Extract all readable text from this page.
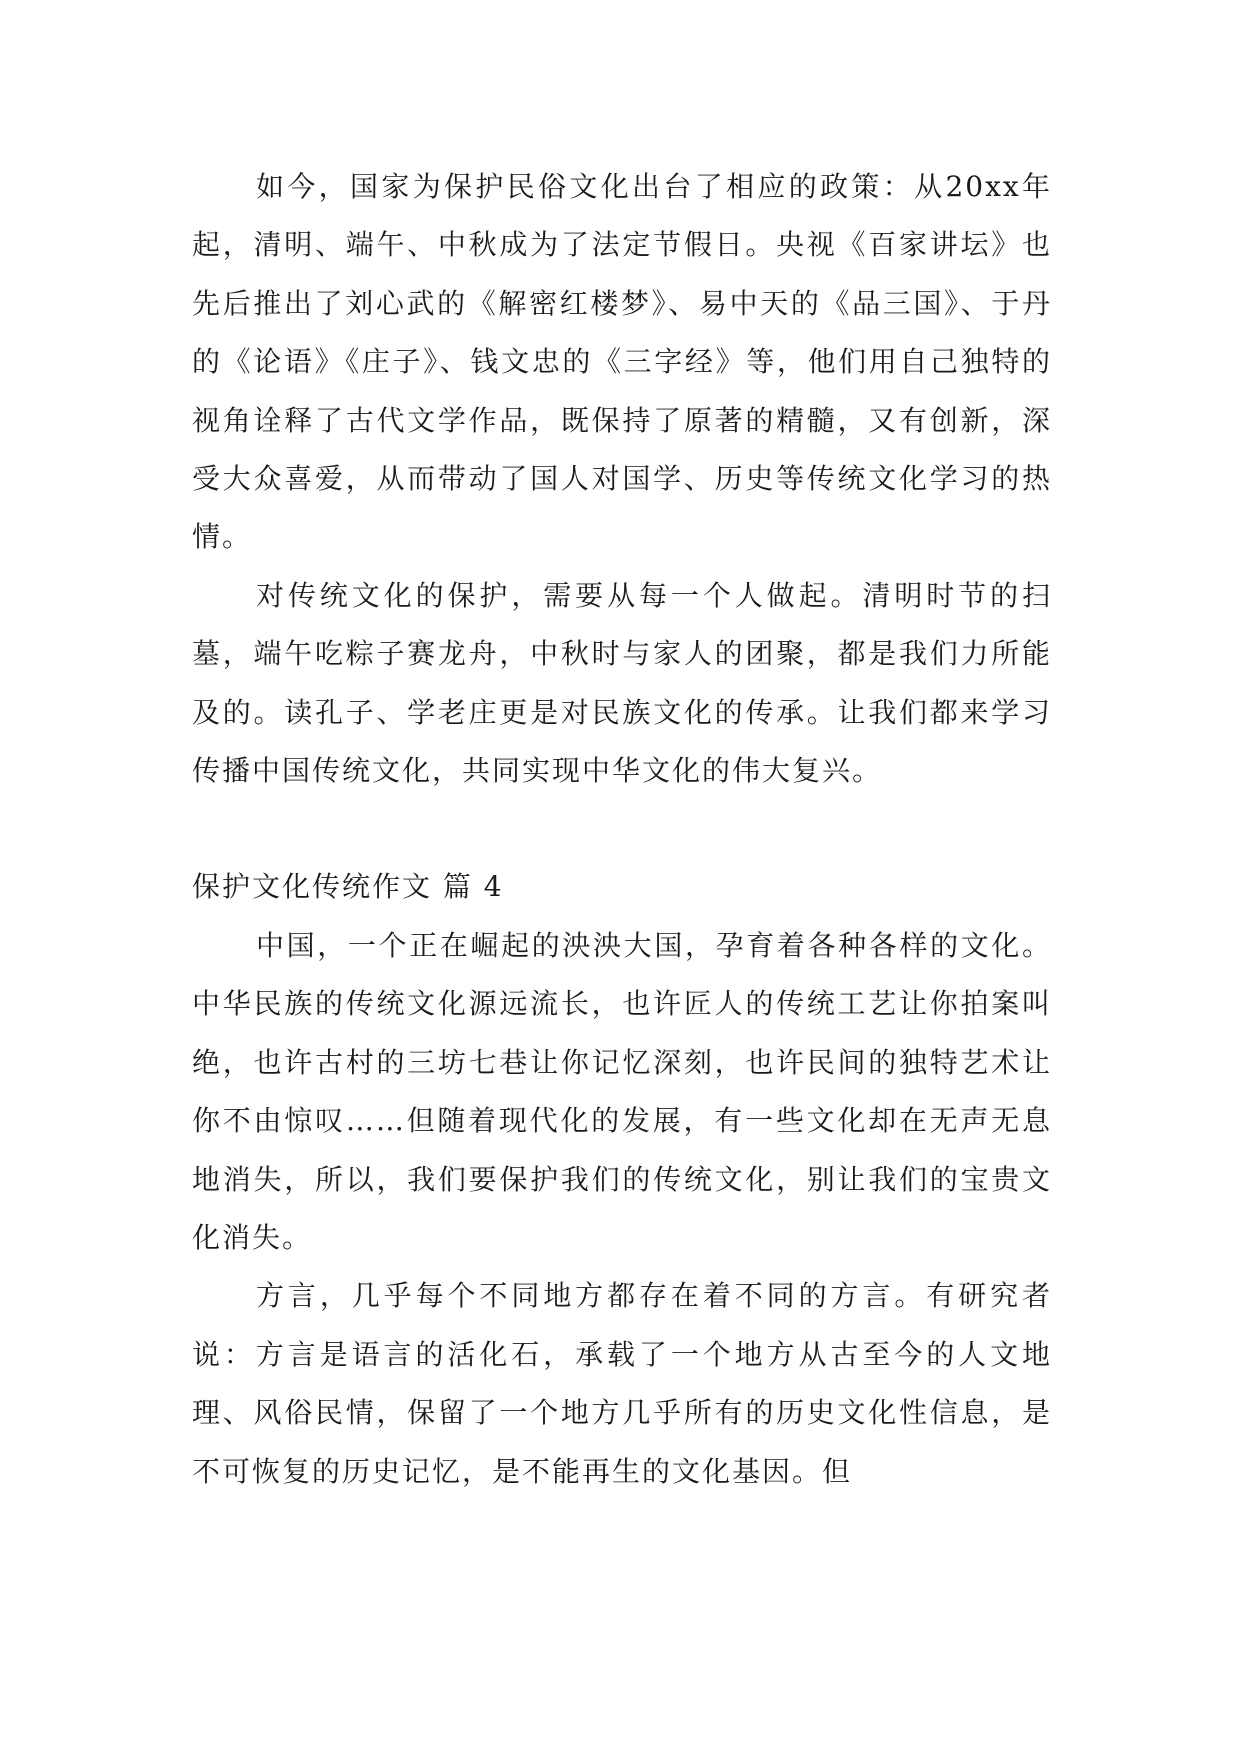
如今，国家为保护民俗文化出台了相应的政策：从20xx年起，清明、端午、中秋成为了法定节假日。央视《百家讲坛》也先后推出了刘心武的《解密红楼梦》、易中天的《品三国》、于丹的《论语》《庄子》、钱文忠的《三字经》等，他们用自己独特的视角诠释了古代文学作品，既保持了原著的精髓，又有创新，深受大众喜爱，从而带动了国人对国学、历史等传统文化学习的热情。

对传统文化的保护，需要从每一个人做起。清明时节的扫墓，端午吃粽子赛龙舟，中秋时与家人的团聚，都是我们力所能及的。读孔子、学老庄更是对民族文化的传承。让我们都来学习传播中国传统文化，共同实现中华文化的伟大复兴。

保护文化传统作文 篇 4

中国，一个正在崛起的泱泱大国，孕育着各种各样的文化。中华民族的传统文化源远流长，也许匠人的传统工艺让你拍案叫绝，也许古村的三坊七巷让你记忆深刻，也许民间的独特艺术让你不由惊叹……但随着现代化的发展，有一些文化却在无声无息地消失，所以，我们要保护我们的传统文化，别让我们的宝贵文化消失。

方言，几乎每个不同地方都存在着不同的方言。有研究者说：方言是语言的活化石，承载了一个地方从古至今的人文地理、风俗民情，保留了一个地方几乎所有的历史文化性信息，是不可恢复的历史记忆，是不能再生的文化基因。但
